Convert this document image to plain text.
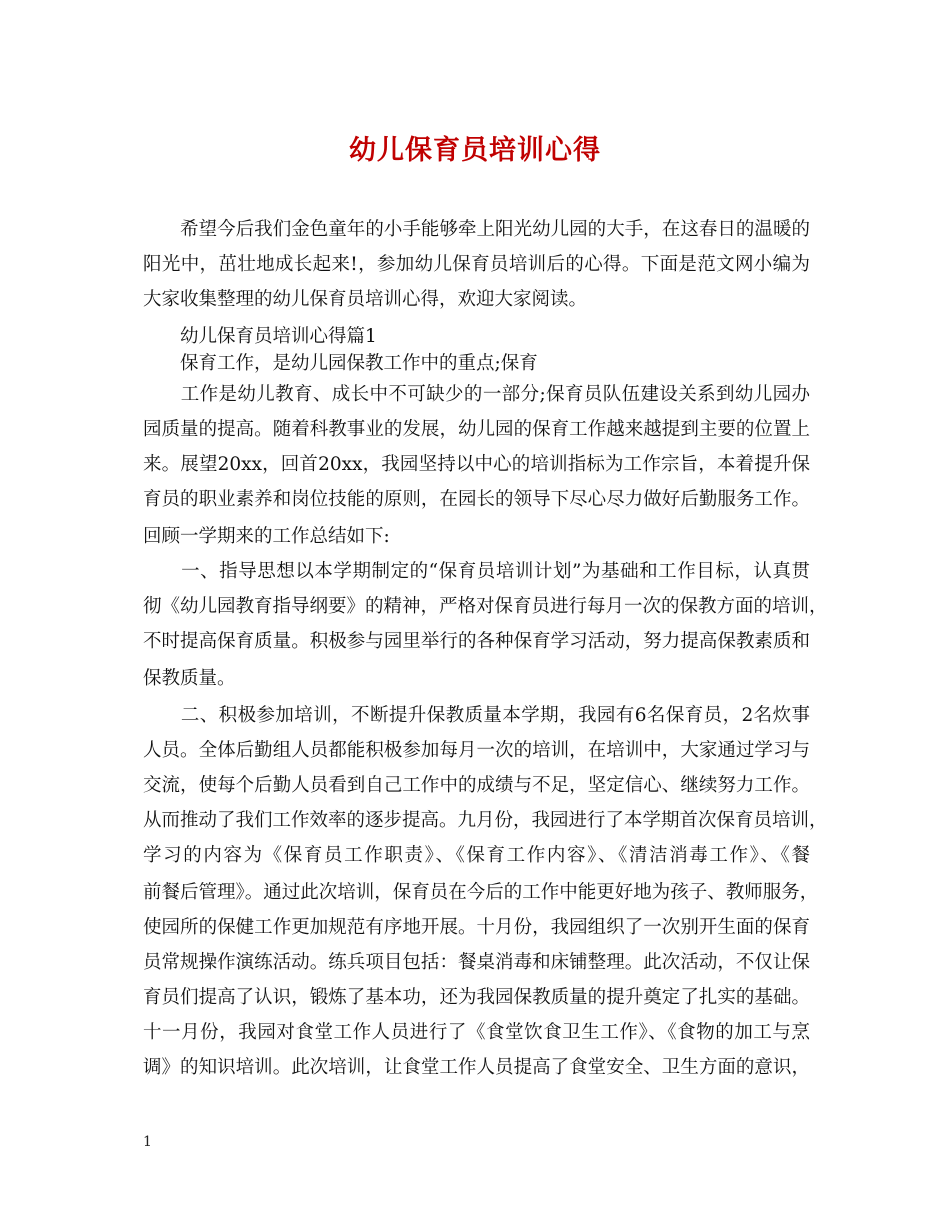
幼儿保育员培训心得
　　希望今后我们金色童年的小手能够牵上阳光幼儿园的大手，在这春日的温暖的
阳光中，茁壮地成长起来!，参加幼儿保育员培训后的心得。下面是范文网小编为
大家收集整理的幼儿保育员培训心得，欢迎大家阅读。
　　幼儿保育员培训心得篇1
　　保育工作，是幼儿园保教工作中的重点;保育
　　工作是幼儿教育、成长中不可缺少的一部分;保育员队伍建设关系到幼儿园办
园质量的提高。随着科教事业的发展，幼儿园的保育工作越来越提到主要的位置上
来。展望20xx，回首20xx，我园坚持以中心的培训指标为工作宗旨，本着提升保
育员的职业素养和岗位技能的原则，在园长的领导下尽心尽力做好后勤服务工作。
回顾一学期来的工作总结如下:
　　一、指导思想以本学期制定的“保育员培训计划”为基础和工作目标，认真贯
彻《幼儿园教育指导纲要》的精神，严格对保育员进行每月一次的保教方面的培训，
不时提高保育质量。积极参与园里举行的各种保育学习活动，努力提高保教素质和
保教质量。
　　二、积极参加培训，不断提升保教质量本学期，我园有6名保育员，2名炊事
人员。全体后勤组人员都能积极参加每月一次的培训，在培训中，大家通过学习与
交流，使每个后勤人员看到自己工作中的成绩与不足，坚定信心、继续努力工作。
从而推动了我们工作效率的逐步提高。九月份，我园进行了本学期首次保育员培训，
学习的内容为《保育员工作职责》、《保育工作内容》、《清洁消毒工作》、《餐
前餐后管理》。通过此次培训，保育员在今后的工作中能更好地为孩子、教师服务，
使园所的保健工作更加规范有序地开展。十月份，我园组织了一次别开生面的保育
员常规操作演练活动。练兵项目包括：餐桌消毒和床铺整理。此次活动，不仅让保
育员们提高了认识，锻炼了基本功，还为我园保教质量的提升奠定了扎实的基础。
十一月份，我园对食堂工作人员进行了《食堂饮食卫生工作》、《食物的加工与烹
调》的知识培训。此次培训，让食堂工作人员提高了食堂安全、卫生方面的意识，
1
